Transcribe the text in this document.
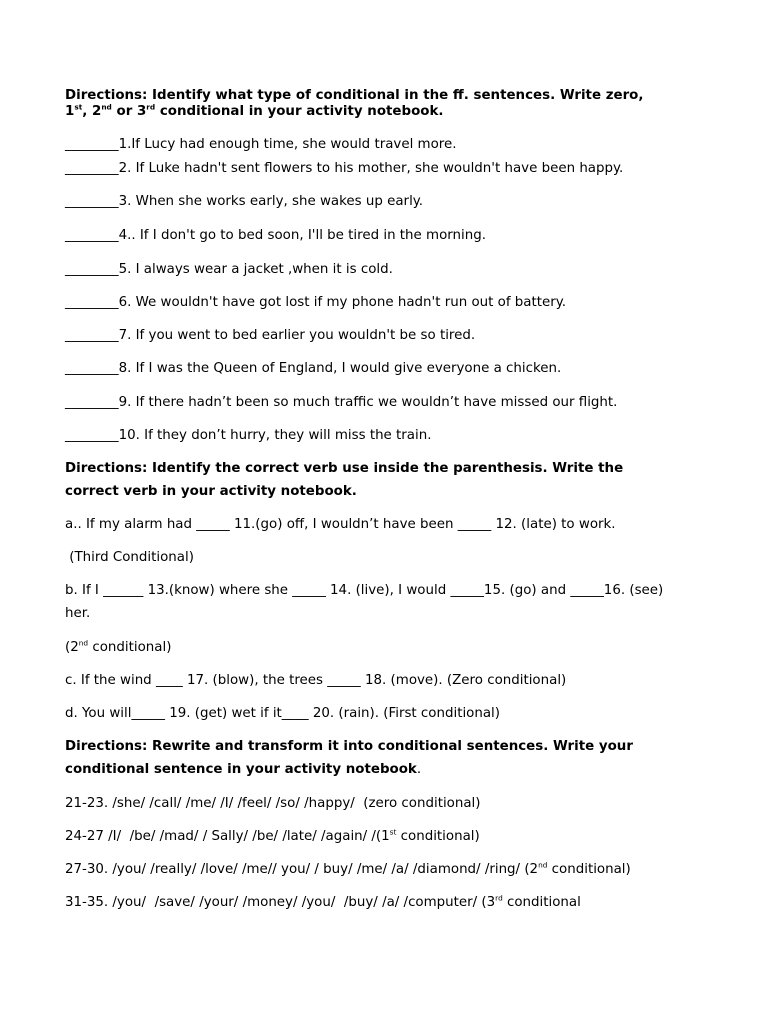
Directions: Identify what type of conditional in the ff. sentences. Write zero,
1st, 2nd or 3rd conditional in your activity notebook.
________1.If Lucy had enough time, she would travel more.
________2. If Luke hadn't sent flowers to his mother, she wouldn't have been happy.
________3. When she works early, she wakes up early.
________4.. If I don't go to bed soon, I'll be tired in the morning.
________5. I always wear a jacket ,when it is cold.
________6. We wouldn't have got lost if my phone hadn't run out of battery.
________7. If you went to bed earlier you wouldn't be so tired.
________8. If I was the Queen of England, I would give everyone a chicken.
________9. If there hadn’t been so much traffic we wouldn’t have missed our flight.
________10. If they don’t hurry, they will miss the train.
Directions: Identify the correct verb use inside the parenthesis. Write the
correct verb in your activity notebook.
a.. If my alarm had _____ 11.(go) off, I wouldn’t have been _____ 12. (late) to work.
(Third Conditional)
b. If I ______ 13.(know) where she _____ 14. (live), I would _____15. (go) and _____16. (see)
her.
(2nd conditional)
c. If the wind ____ 17. (blow), the trees _____ 18. (move). (Zero conditional)
d. You will_____ 19. (get) wet if it____ 20. (rain). (First conditional)
Directions: Rewrite and transform it into conditional sentences. Write your
conditional sentence in your activity notebook.
21-23. /she/ /call/ /me/ /I/ /feel/ /so/ /happy/  (zero conditional)
24-27 /I/  /be/ /mad/ / Sally/ /be/ /late/ /again/ /(1st conditional)
27-30. /you/ /really/ /love/ /me// you/ / buy/ /me/ /a/ /diamond/ /ring/ (2nd conditional)
31-35. /you/  /save/ /your/ /money/ /you/  /buy/ /a/ /computer/ (3rd conditional
